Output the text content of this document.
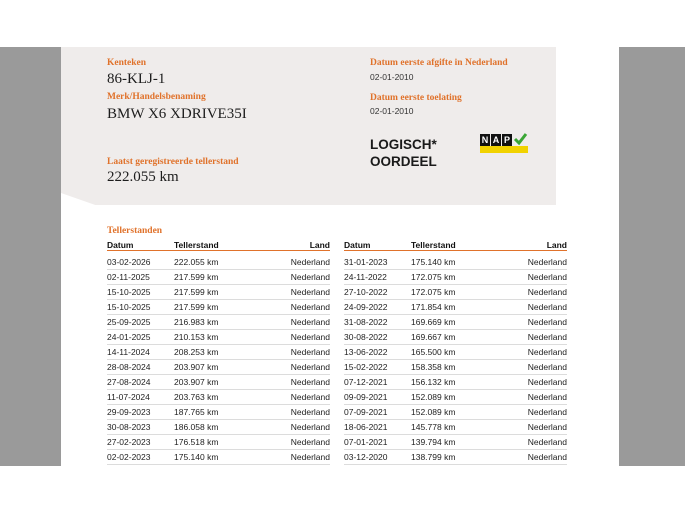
Kenteken
86-KLJ-1
Merk/Handelsbenaming
BMW X6 XDRIVE35I
Laatst geregistreerde tellerstand
222.055 km
Datum eerste afgifte in Nederland
02-01-2010
Datum eerste toelating
02-01-2010
LOGISCH*
OORDEEL
N A P
Tellerstanden
Datum	Tellerstand	Land

03-02-2026	222.055 km	Nederland
02-11-2025	217.599 km	Nederland
15-10-2025	217.599 km	Nederland
15-10-2025	217.599 km	Nederland
25-09-2025	216.983 km	Nederland
24-01-2025	210.153 km	Nederland
14-11-2024	208.253 km	Nederland
28-08-2024	203.907 km	Nederland
27-08-2024	203.907 km	Nederland
11-07-2024	203.763 km	Nederland
29-09-2023	187.765 km	Nederland
30-08-2023	186.058 km	Nederland
27-02-2023	176.518 km	Nederland
02-02-2023	175.140 km	Nederland
Datum	Tellerstand	Land

31-01-2023	175.140 km	Nederland
24-11-2022	172.075 km	Nederland
27-10-2022	172.075 km	Nederland
24-09-2022	171.854 km	Nederland
31-08-2022	169.669 km	Nederland
30-08-2022	169.667 km	Nederland
13-06-2022	165.500 km	Nederland
15-02-2022	158.358 km	Nederland
07-12-2021	156.132 km	Nederland
09-09-2021	152.089 km	Nederland
07-09-2021	152.089 km	Nederland
18-06-2021	145.778 km	Nederland
07-01-2021	139.794 km	Nederland
03-12-2020	138.799 km	Nederland
